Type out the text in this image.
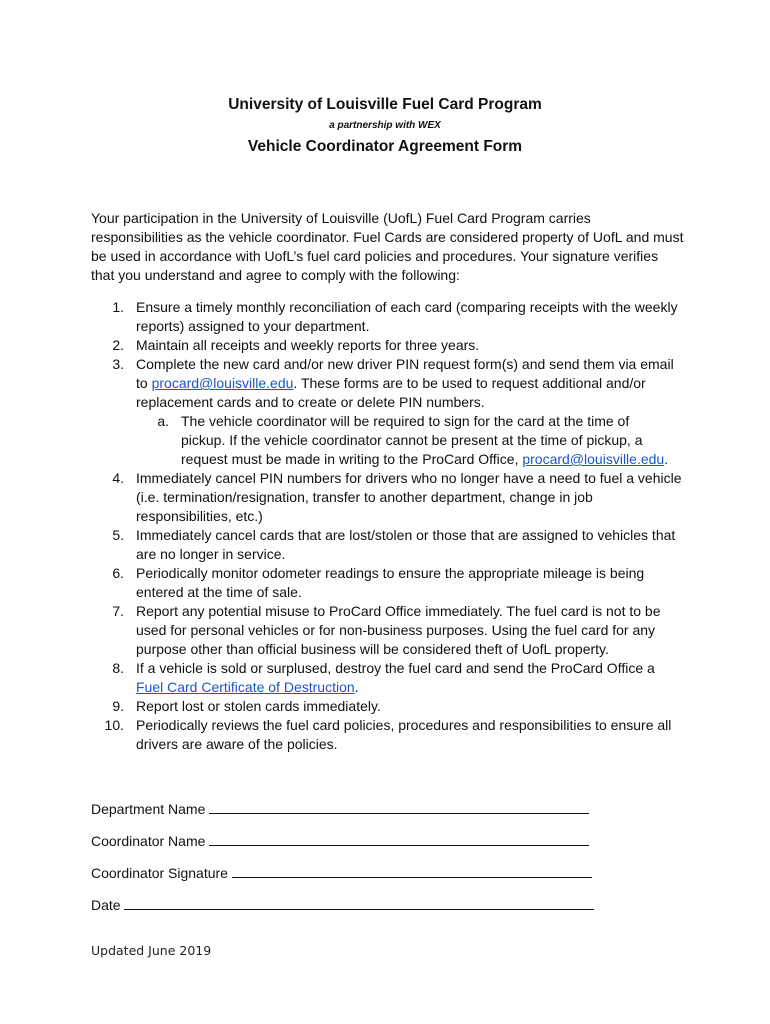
University of Louisville Fuel Card Program
a partnership with WEX
Vehicle Coordinator Agreement Form
Your participation in the University of Louisville (UofL) Fuel Card Program carries
responsibilities as the vehicle coordinator. Fuel Cards are considered property of UofL and must
be used in accordance with UofL’s fuel card policies and procedures. Your signature verifies
that you understand and agree to comply with the following:
1. Ensure a timely monthly reconciliation of each card (comparing receipts with the weekly
reports) assigned to your department.
2. Maintain all receipts and weekly reports for three years.
3. Complete the new card and/or new driver PIN request form(s) and send them via email
to procard@louisville.edu. These forms are to be used to request additional and/or
replacement cards and to create or delete PIN numbers.
a. The vehicle coordinator will be required to sign for the card at the time of
pickup. If the vehicle coordinator cannot be present at the time of pickup, a
request must be made in writing to the ProCard Office, procard@louisville.edu.
4. Immediately cancel PIN numbers for drivers who no longer have a need to fuel a vehicle
(i.e. termination/resignation, transfer to another department, change in job
responsibilities, etc.)
5. Immediately cancel cards that are lost/stolen or those that are assigned to vehicles that
are no longer in service.
6. Periodically monitor odometer readings to ensure the appropriate mileage is being
entered at the time of sale.
7. Report any potential misuse to ProCard Office immediately. The fuel card is not to be
used for personal vehicles or for non-business purposes. Using the fuel card for any
purpose other than official business will be considered theft of UofL property.
8. If a vehicle is sold or surplused, destroy the fuel card and send the ProCard Office a
Fuel Card Certificate of Destruction.
9. Report lost or stolen cards immediately.
10. Periodically reviews the fuel card policies, procedures and responsibilities to ensure all
drivers are aware of the policies.
Department Name
Coordinator Name
Coordinator Signature
Date
Updated June 2019
